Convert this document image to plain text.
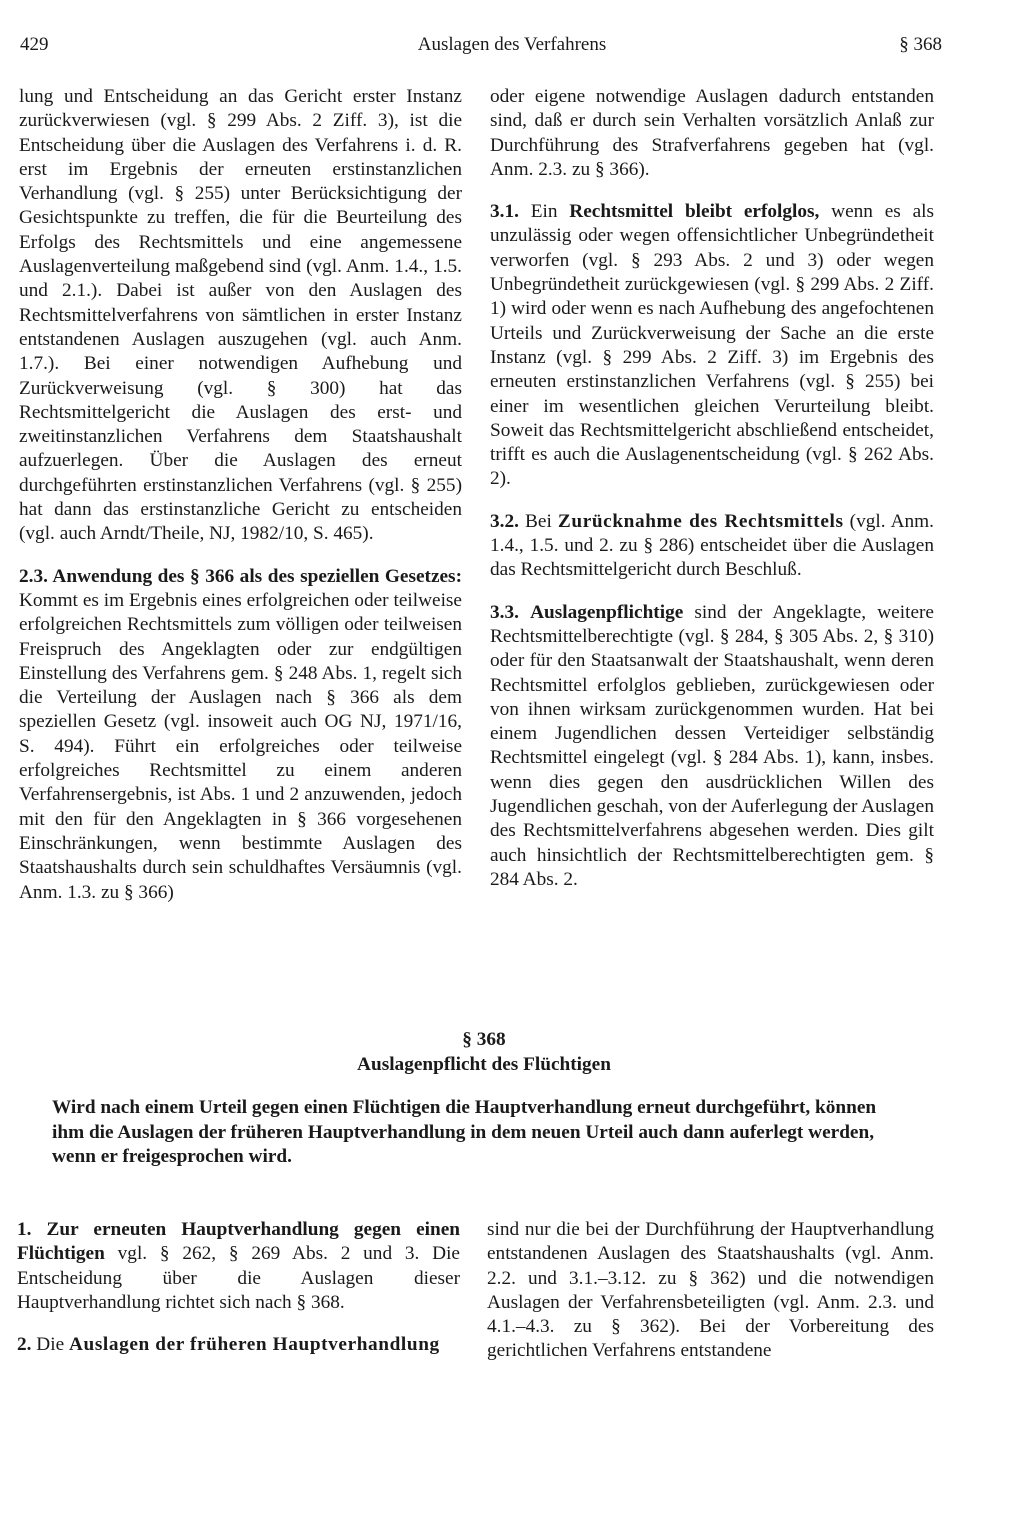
429	Auslagen des Verfahrens	§ 368

lung und Entscheidung an das Gericht erster Instanz zurückverwiesen (vgl. § 299 Abs. 2 Ziff. 3), ist die Entscheidung über die Auslagen des Verfahrens i. d. R. erst im Ergebnis der erneuten erstinstanzlichen Verhandlung (vgl. § 255) unter Berücksichtigung der Gesichtspunkte zu treffen, die für die Beurteilung des Erfolgs des Rechtsmittels und eine angemessene Auslagenverteilung maßgebend sind (vgl. Anm. 1.4., 1.5. und 2.1.). Dabei ist außer von den Auslagen des Rechtsmittelverfahrens von sämtlichen in erster Instanz entstandenen Auslagen auszugehen (vgl. auch Anm. 1.7.). Bei einer notwendigen Aufhebung und Zurückverweisung (vgl. § 300) hat das Rechtsmittelgericht die Auslagen des erst- und zweitinstanzlichen Verfahrens dem Staatshaushalt aufzuerlegen. Über die Auslagen des erneut durchgeführten erstinstanzlichen Verfahrens (vgl. § 255) hat dann das erstinstanzliche Gericht zu entscheiden (vgl. auch Arndt/Theile, NJ, 1982/10, S. 465).

2.3. Anwendung des § 366 als des speziellen Gesetzes: Kommt es im Ergebnis eines erfolgreichen oder teilweise erfolgreichen Rechtsmittels zum völligen oder teilweisen Freispruch des Angeklagten oder zur endgültigen Einstellung des Verfahrens gem. § 248 Abs. 1, regelt sich die Verteilung der Auslagen nach § 366 als dem speziellen Gesetz (vgl. insoweit auch OG NJ, 1971/16, S. 494). Führt ein erfolgreiches oder teilweise erfolgreiches Rechtsmittel zu einem anderen Verfahrensergebnis, ist Abs. 1 und 2 anzuwenden, jedoch mit den für den Angeklagten in § 366 vorgesehenen Einschränkungen, wenn bestimmte Auslagen des Staatshaushalts durch sein schuldhaftes Versäumnis (vgl. Anm. 1.3. zu § 366)

oder eigene notwendige Auslagen dadurch entstanden sind, daß er durch sein Verhalten vorsätzlich Anlaß zur Durchführung des Strafverfahrens gegeben hat (vgl. Anm. 2.3. zu § 366).

3.1. Ein Rechtsmittel bleibt erfolglos, wenn es als unzulässig oder wegen offensichtlicher Unbegründetheit verworfen (vgl. § 293 Abs. 2 und 3) oder wegen Unbegründetheit zurückgewiesen (vgl. § 299 Abs. 2 Ziff. 1) wird oder wenn es nach Aufhebung des angefochtenen Urteils und Zurückverweisung der Sache an die erste Instanz (vgl. § 299 Abs. 2 Ziff. 3) im Ergebnis des erneuten erstinstanzlichen Verfahrens (vgl. § 255) bei einer im wesentlichen gleichen Verurteilung bleibt. Soweit das Rechtsmittelgericht abschließend entscheidet, trifft es auch die Auslagenentscheidung (vgl. § 262 Abs. 2).

3.2. Bei Zurücknahme des Rechtsmittels (vgl. Anm. 1.4., 1.5. und 2. zu § 286) entscheidet über die Auslagen das Rechtsmittelgericht durch Beschluß.

3.3. Auslagenpflichtige sind der Angeklagte, weitere Rechtsmittelberechtigte (vgl. § 284, § 305 Abs. 2, § 310) oder für den Staatsanwalt der Staatshaushalt, wenn deren Rechtsmittel erfolglos geblieben, zurückgewiesen oder von ihnen wirksam zurückgenommen wurden. Hat bei einem Jugendlichen dessen Verteidiger selbständig Rechtsmittel eingelegt (vgl. § 284 Abs. 1), kann, insbes. wenn dies gegen den ausdrücklichen Willen des Jugendlichen geschah, von der Auferlegung der Auslagen des Rechtsmittelverfahrens abgesehen werden. Dies gilt auch hinsichtlich der Rechtsmittelberechtigten gem. § 284 Abs. 2.

§ 368
Auslagenpflicht des Flüchtigen
Wird nach einem Urteil gegen einen Flüchtigen die Hauptverhandlung erneut durchgeführt, können
ihm die Auslagen der früheren Hauptverhandlung in dem neuen Urteil auch dann auferlegt werden,
wenn er freigesprochen wird.

1. Zur erneuten Hauptverhandlung gegen einen Flüchtigen vgl. § 262, § 269 Abs. 2 und 3. Die Entscheidung über die Auslagen dieser Hauptverhandlung richtet sich nach § 368.

2. Die Auslagen der früheren Hauptverhandlung

sind nur die bei der Durchführung der Hauptverhandlung entstandenen Auslagen des Staatshaushalts (vgl. Anm. 2.2. und 3.1.–3.12. zu § 362) und die notwendigen Auslagen der Verfahrensbeteiligten (vgl. Anm. 2.3. und 4.1.–4.3. zu § 362). Bei der Vorbereitung des gerichtlichen Verfahrens entstandene
